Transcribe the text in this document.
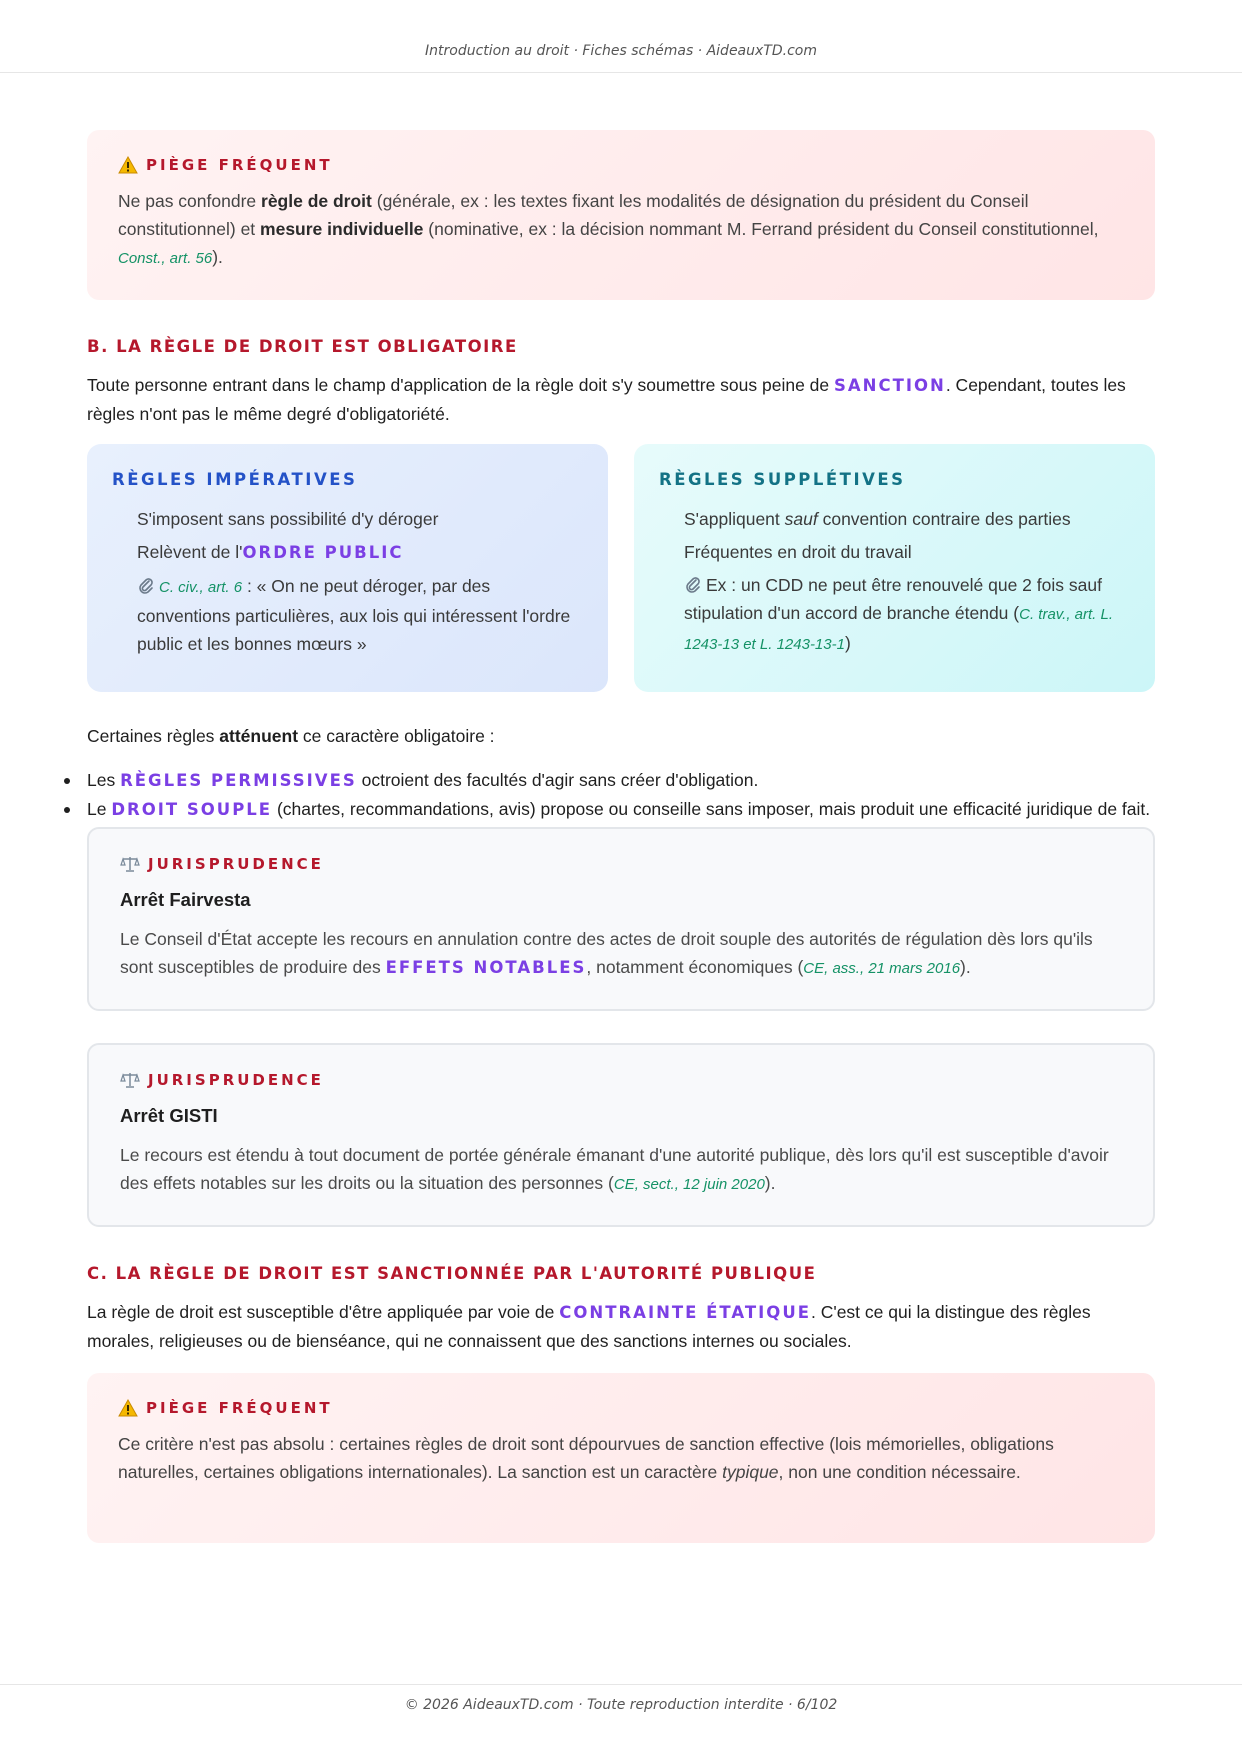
Introduction au droit · Fiches schémas · AideauxTD.com
PIÈGE FRÉQUENT
Ne pas confondre règle de droit (générale, ex : les textes fixant les modalités de désignation du président du Conseil constitutionnel) et mesure individuelle (nominative, ex : la décision nommant M. Ferrand président du Conseil constitutionnel, Const., art. 56).
B. LA RÈGLE DE DROIT EST OBLIGATOIRE
Toute personne entrant dans le champ d'application de la règle doit s'y soumettre sous peine de SANCTION. Cependant, toutes les règles n'ont pas le même degré d'obligatoriété.
RÈGLES IMPÉRATIVES
S'imposent sans possibilité d'y déroger
Relèvent de l'ORDRE PUBLIC
C. civ., art. 6 : « On ne peut déroger, par des conventions particulières, aux lois qui intéressent l'ordre public et les bonnes mœurs »
RÈGLES SUPPLÉTIVES
S'appliquent sauf convention contraire des parties
Fréquentes en droit du travail
Ex : un CDD ne peut être renouvelé que 2 fois sauf stipulation d'un accord de branche étendu (C. trav., art. L. 1243-13 et L. 1243-13-1)
Certaines règles atténuent ce caractère obligatoire :
Les RÈGLES PERMISSIVES octroient des facultés d'agir sans créer d'obligation.
Le DROIT SOUPLE (chartes, recommandations, avis) propose ou conseille sans imposer, mais produit une efficacité juridique de fait.
JURISPRUDENCE
Arrêt Fairvesta
Le Conseil d'État accepte les recours en annulation contre des actes de droit souple des autorités de régulation dès lors qu'ils sont susceptibles de produire des EFFETS NOTABLES, notamment économiques (CE, ass., 21 mars 2016).
JURISPRUDENCE
Arrêt GISTI
Le recours est étendu à tout document de portée générale émanant d'une autorité publique, dès lors qu'il est susceptible d'avoir des effets notables sur les droits ou la situation des personnes (CE, sect., 12 juin 2020).
C. LA RÈGLE DE DROIT EST SANCTIONNÉE PAR L'AUTORITÉ PUBLIQUE
La règle de droit est susceptible d'être appliquée par voie de CONTRAINTE ÉTATIQUE. C'est ce qui la distingue des règles morales, religieuses ou de bienséance, qui ne connaissent que des sanctions internes ou sociales.
PIÈGE FRÉQUENT
Ce critère n'est pas absolu : certaines règles de droit sont dépourvues de sanction effective (lois mémorielles, obligations naturelles, certaines obligations internationales). La sanction est un caractère typique, non une condition nécessaire.
© 2026 AideauxTD.com · Toute reproduction interdite · 6/102
